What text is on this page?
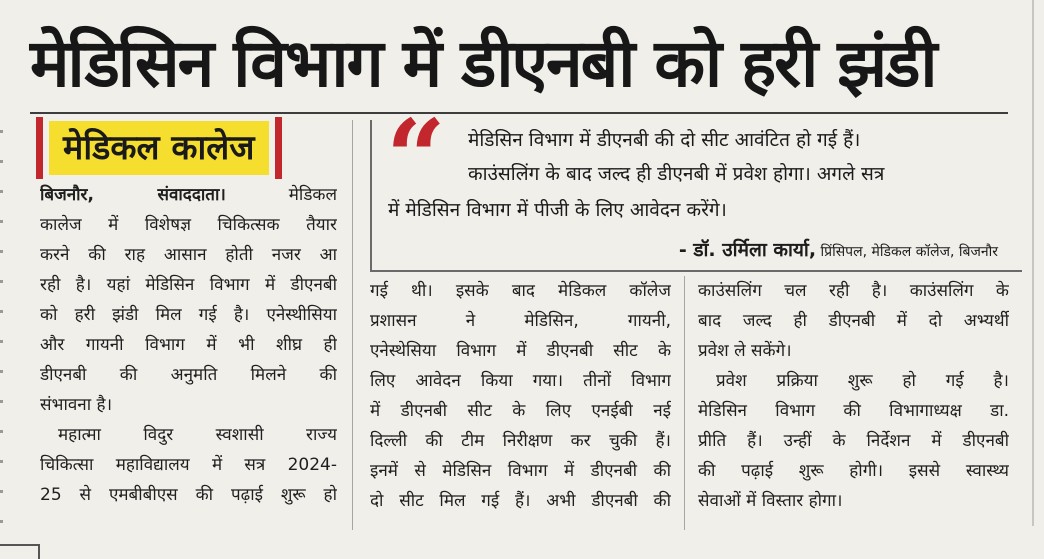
मेडिसिन विभाग में डीएनबी को हरी झंडी
मेडिकल कालेज “ मेडिसिन विभाग में डीएनबी की दो सीट आवंटित हो गई हैं।
काउंसलिंग के बाद जल्द ही डीएनबी में प्रवेश होगा। अगले सत्र
में मेडिसिन विभाग में पीजी के लिए आवेदन करेंगे।
- डॉ. उर्मिला कार्या, प्रिंसिपल, मेडिकल कॉलेज, बिजनौर
बिजनौर, संवाददाता।	मेडिकल
कालेज में विशेषज्ञ चिकित्सक तैयार
करने की राह आसान होती नजर आ
रही है। यहां मेडिसिन विभाग में डीएनबी
को हरी झंडी मिल गई है। एनेस्थीसिया
और गायनी विभाग में भी शीघ्र ही
डीएनबी की अनुमति मिलने की
संभावना है।
महात्मा विदुर स्वशासी राज्य
चिकित्सा महाविद्यालय में सत्र 2024-
25 से एमबीबीएस की पढ़ाई शुरू हो
गई थी। इसके बाद मेडिकल कॉलेज
प्रशासन ने मेडिसिन, गायनी,
एनेस्थेसिया विभाग में डीएनबी सीट के
लिए आवेदन किया गया। तीनों विभाग
में डीएनबी सीट के लिए एनईबी नई
दिल्ली की टीम निरीक्षण कर चुकी हैं।
इनमें से मेडिसिन विभाग में डीएनबी की
दो सीट मिल गई हैं। अभी डीएनबी की
काउंसलिंग चल रही है। काउंसलिंग के
बाद जल्द ही डीएनबी में दो अभ्यर्थी
प्रवेश ले सकेंगे।
प्रवेश प्रक्रिया शुरू हो गई है।
मेडिसिन विभाग की विभागाध्यक्ष डा.
प्रीति हैं। उन्हीं के निर्देशन में डीएनबी
की पढ़ाई शुरू होगी। इससे स्वास्थ्य
सेवाओं में विस्तार होगा।
